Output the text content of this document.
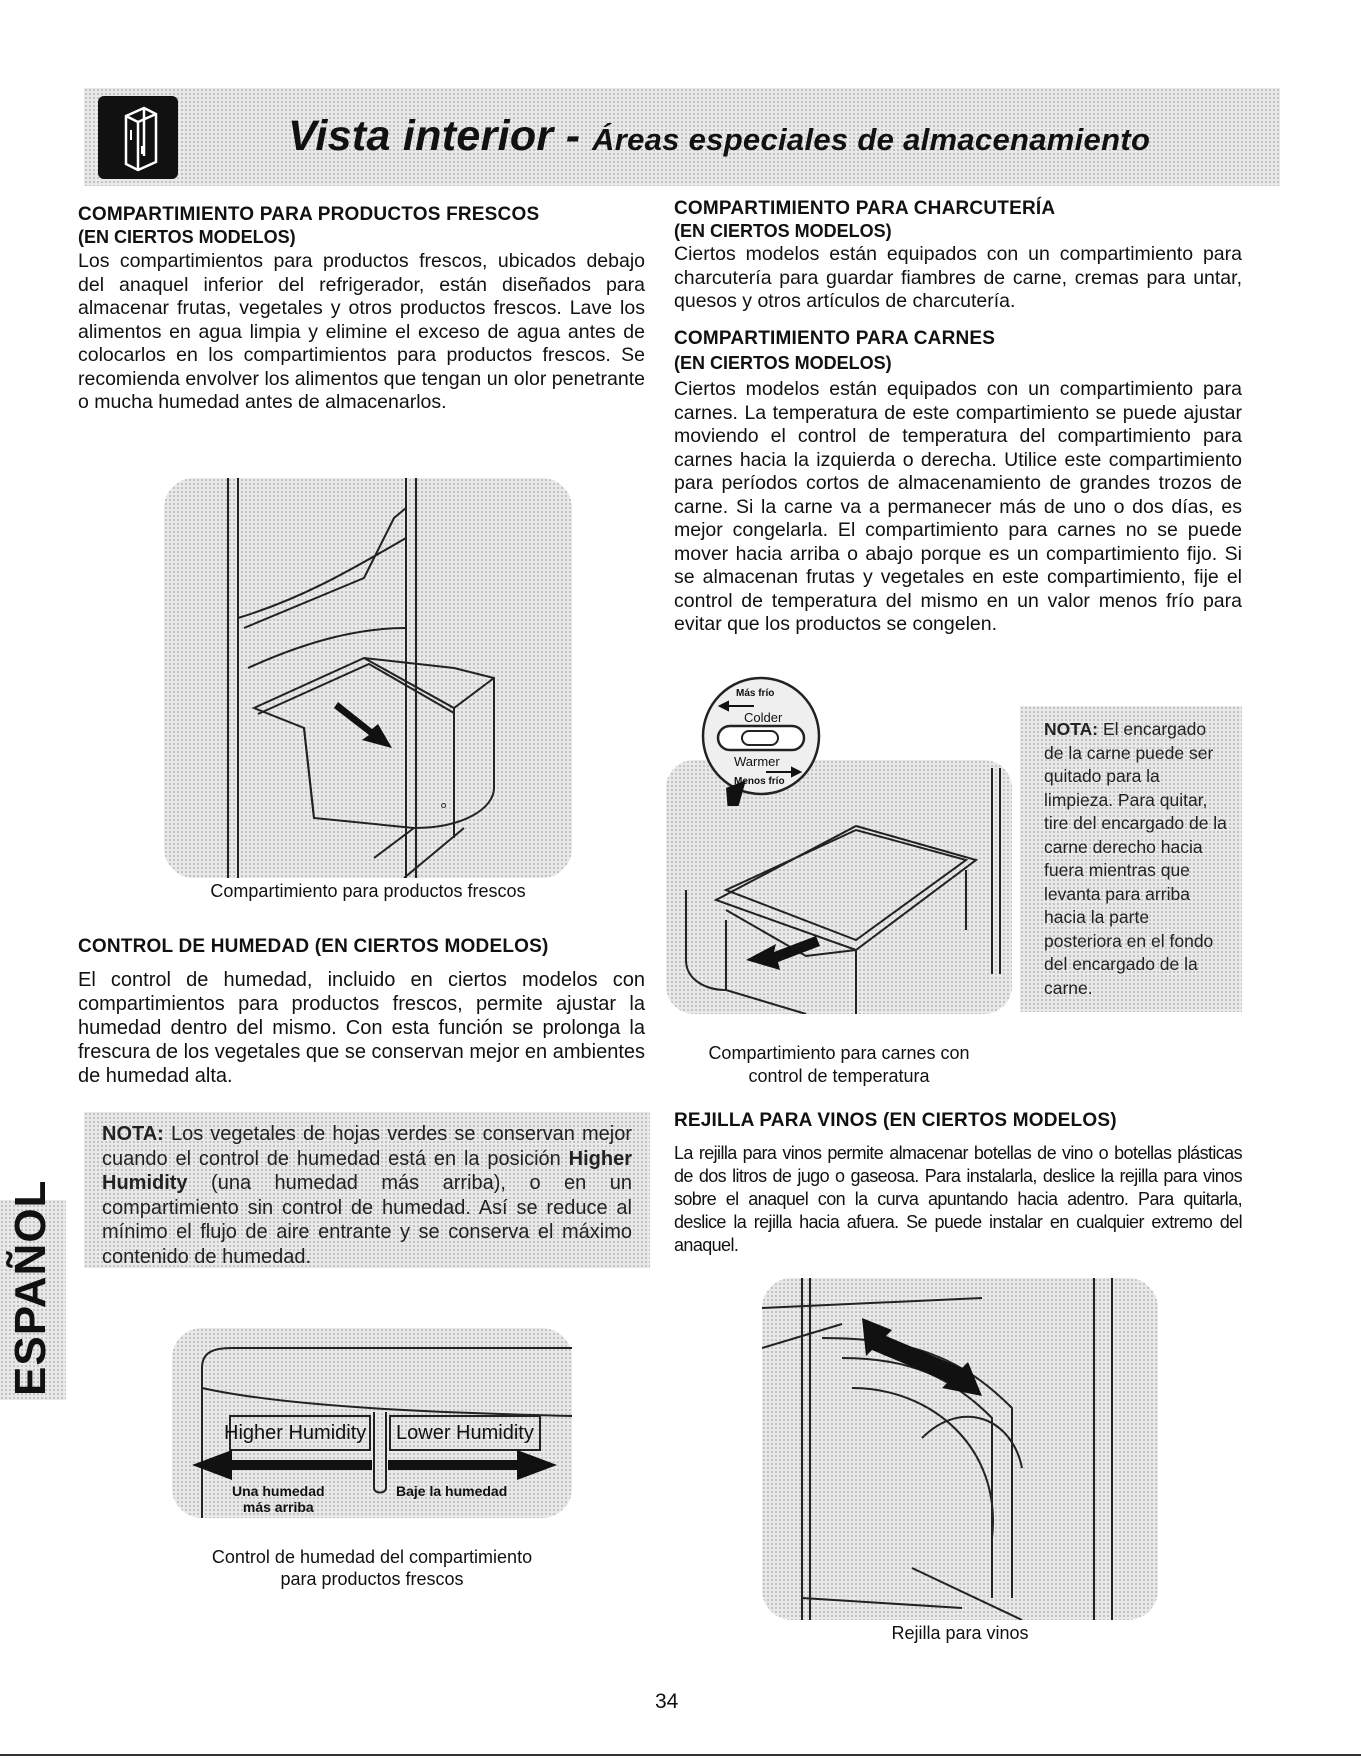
Vista interior - Áreas especiales de almacenamiento
COMPARTIMIENTO PARA PRODUCTOS FRESCOS
(EN CIERTOS MODELOS)

Los compartimientos para productos frescos, ubicados debajo del anaquel inferior del refrigerador, están diseñados para almacenar frutas, vegetales y otros productos frescos. Lave los alimentos en agua limpia y elimine el exceso de agua antes de colocarlos en los compartimientos para productos frescos. Se recomienda envolver los alimentos que tengan un olor penetrante o mucha humedad antes de almacenarlos.

°
Compartimiento para productos frescos
CONTROL DE HUMEDAD (EN CIERTOS MODELOS)

El control de humedad, incluido en ciertos modelos con compartimientos para productos frescos, permite ajustar la humedad dentro del mismo. Con esta función se prolonga la frescura de los vegetales que se conservan mejor en ambientes de humedad alta.

NOTA: Los vegetales de hojas verdes se conservan mejor cuando el control de humedad está en la posición Higher Humidity (una humedad más arriba), o en un compartimiento sin control de humedad. Así se reduce al mínimo el flujo de aire entrante y se conserva el máximo contenido de humedad.
Higher Humidity Lower Humidity
Una humedad
más arriba
Baje la humedad
Control de humedad del compartimiento
para productos frescos
COMPARTIMIENTO PARA CHARCUTERÍA
(EN CIERTOS MODELOS)

Ciertos modelos están equipados con un compartimiento para charcutería para guardar fiambres de carne, cremas para untar, quesos y otros artículos de charcutería.

COMPARTIMIENTO PARA CARNES
(EN CIERTOS MODELOS)

Ciertos modelos están equipados con un compartimiento para carnes. La temperatura de este compartimiento se puede ajustar moviendo el control de temperatura del compartimiento para carnes hacia la izquierda o derecha. Utilice este compartimiento para períodos cortos de almacenamiento de grandes trozos de carne. Si la carne va a permanecer más de uno o dos días, es mejor congelarla. El compartimiento para carnes no se puede mover hacia arriba o abajo porque es un compartimiento fijo. Si se almacenan frutas y vegetales en este compartimiento, fije el control de temperatura del mismo en un valor menos frío para evitar que los productos se congelen.

Más frío
Colder
Warmer
Menos frío
NOTA: El encargado de la carne puede ser quitado para la limpieza. Para quitar, tire del encargado de la carne derecho hacia fuera mientras que levanta para arriba hacia la parte posteriora en el fondo del encargado de la carne.
Compartimiento para carnes con
control de temperatura
REJILLA PARA VINOS (EN CIERTOS MODELOS)

La rejilla para vinos permite almacenar botellas de vino o botellas plásticas de dos litros de jugo o gaseosa. Para instalarla, deslice la rejilla para vinos sobre el anaquel con la curva apuntando hacia adentro. Para quitarla, deslice la rejilla hacia afuera. Se puede instalar en cualquier extremo del anaquel.

Rejilla para vinos
ESPAÑOL
34
